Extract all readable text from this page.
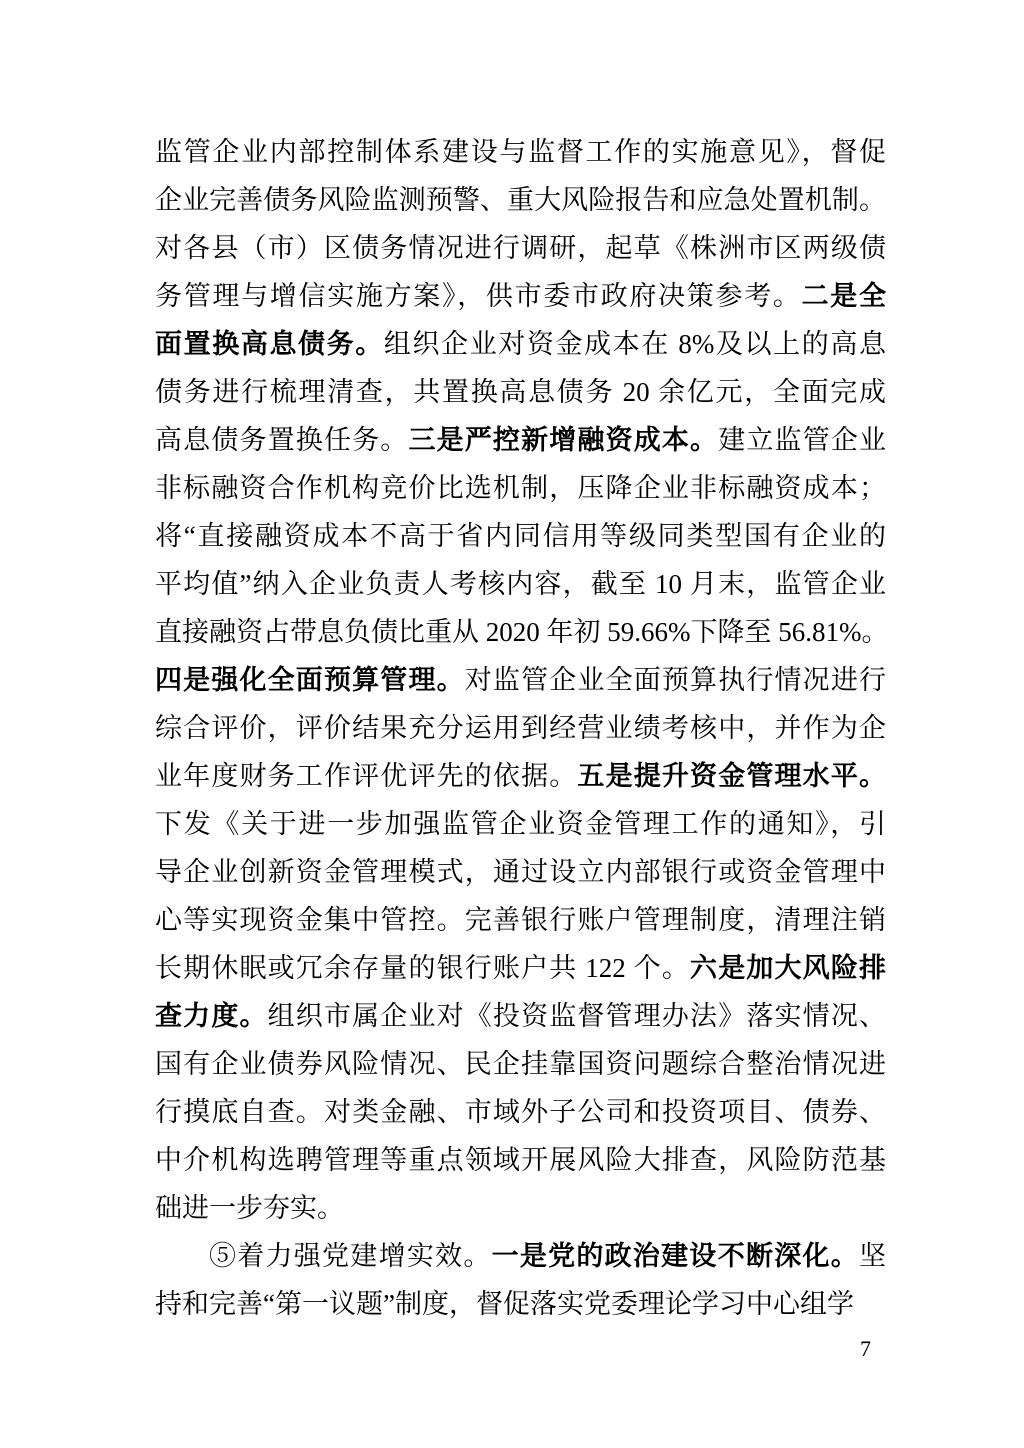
监管企业内部控制体系建设与监督工作的实施意见》，督促
企业完善债务风险监测预警、重大风险报告和应急处置机制。
对各县（市）区债务情况进行调研，起草《株洲市区两级债
务管理与增信实施方案》，供市委市政府决策参考。二是全
面置换高息债务。组织企业对资金成本在 8%及以上的高息
债务进行梳理清查，共置换高息债务 20 余亿元，全面完成
高息债务置换任务。三是严控新增融资成本。建立监管企业
非标融资合作机构竞价比选机制，压降企业非标融资成本；
将“直接融资成本不高于省内同信用等级同类型国有企业的
平均值”纳入企业负责人考核内容，截至 10 月末，监管企业
直接融资占带息负债比重从 2020 年初 59.66%下降至 56.81%。
四是强化全面预算管理。对监管企业全面预算执行情况进行
综合评价，评价结果充分运用到经营业绩考核中，并作为企
业年度财务工作评优评先的依据。五是提升资金管理水平。
下发《关于进一步加强监管企业资金管理工作的通知》，引
导企业创新资金管理模式，通过设立内部银行或资金管理中
心等实现资金集中管控。完善银行账户管理制度，清理注销
长期休眠或冗余存量的银行账户共 122 个。六是加大风险排
查力度。组织市属企业对《投资监督管理办法》落实情况、
国有企业债券风险情况、民企挂靠国资问题综合整治情况进
行摸底自查。对类金融、市域外子公司和投资项目、债券、
中介机构选聘管理等重点领域开展风险大排查，风险防范基
础进一步夯实。
⑤着力强党建增实效。一是党的政治建设不断深化。坚
持和完善“第一议题”制度，督促落实党委理论学习中心组学
7
